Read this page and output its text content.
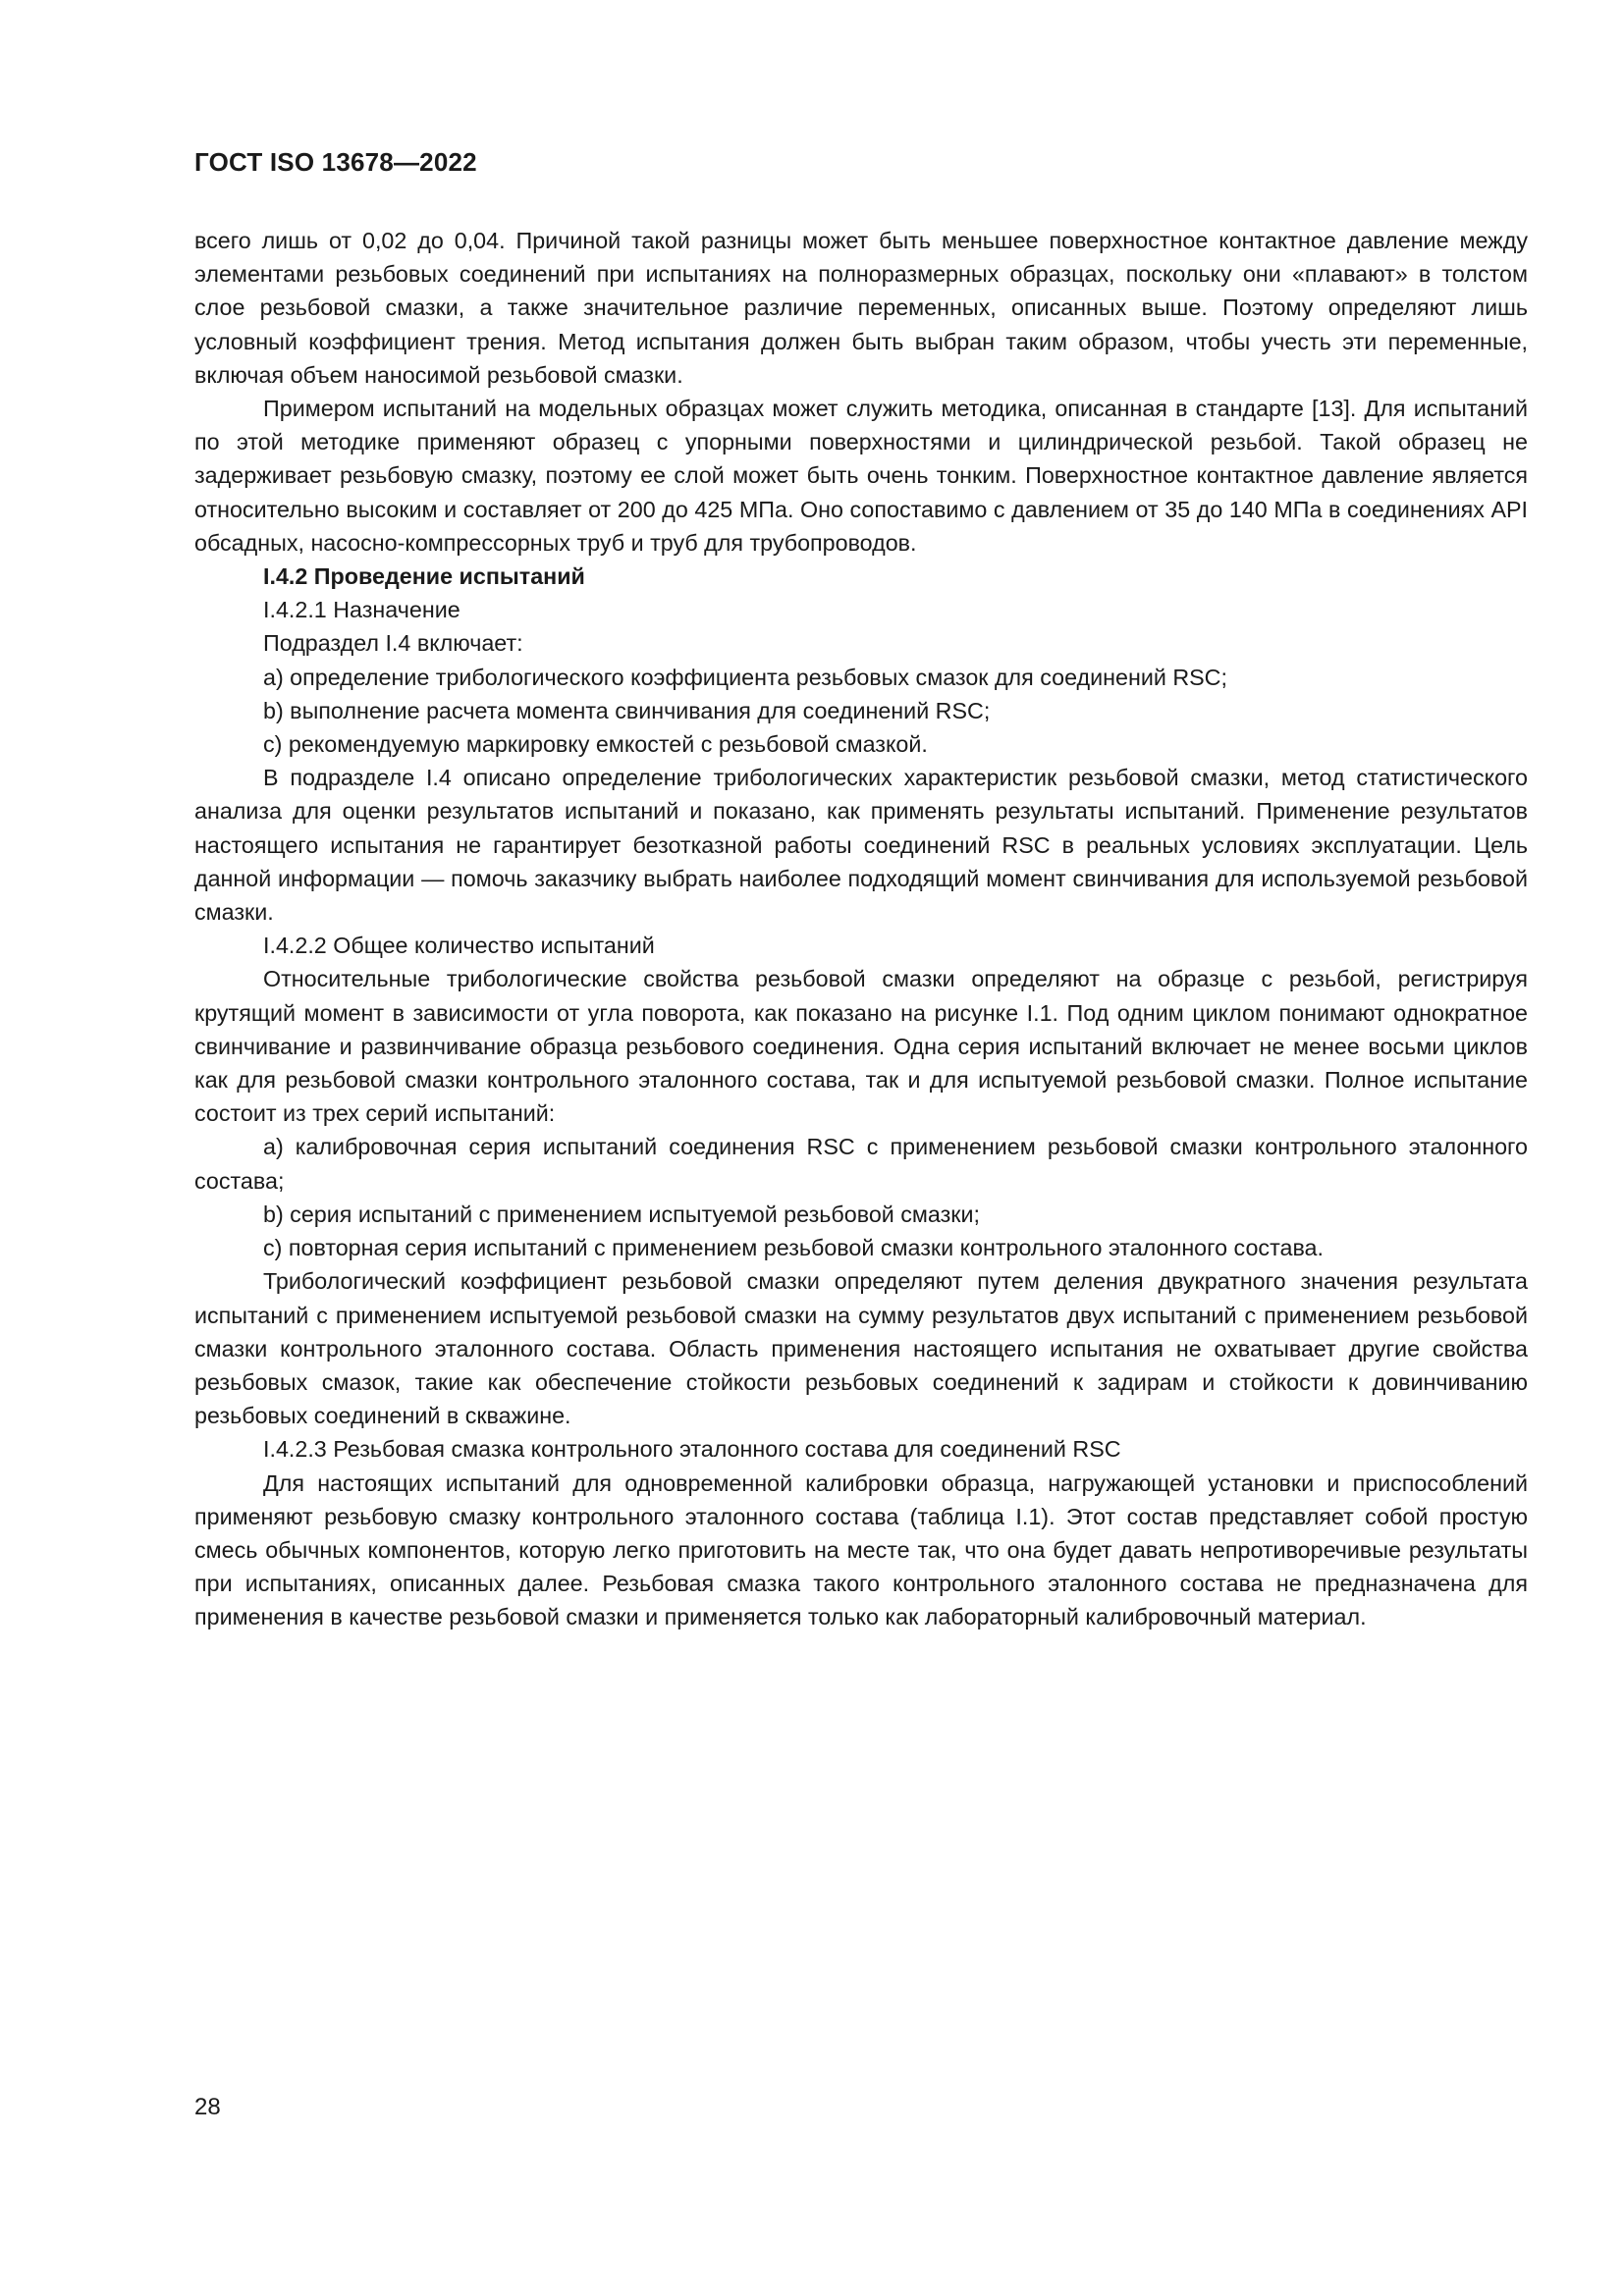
ГОСТ ISO 13678—2022

всего лишь от 0,02 до 0,04. Причиной такой разницы может быть меньшее поверхностное контактное давление между элементами резьбовых соединений при испытаниях на полноразмерных образцах, поскольку они «плавают» в толстом слое резьбовой смазки, а также значительное различие переменных, описанных выше. Поэтому определяют лишь условный коэффициент трения. Метод испытания должен быть выбран таким образом, чтобы учесть эти переменные, включая объем наносимой резьбовой смазки.

Примером испытаний на модельных образцах может служить методика, описанная в стандарте [13]. Для испытаний по этой методике применяют образец с упорными поверхностями и цилиндрической резьбой. Такой образец не задерживает резьбовую смазку, поэтому ее слой может быть очень тонким. Поверхностное контактное давление является относительно высоким и составляет от 200 до 425 МПа. Оно сопоставимо с давлением от 35 до 140 МПа в соединениях API обсадных, насосно-компрессорных труб и труб для трубопроводов.

I.4.2 Проведение испытаний

I.4.2.1 Назначение

Подраздел I.4 включает:

a) определение трибологического коэффициента резьбовых смазок для соединений RSC;

b) выполнение расчета момента свинчивания для соединений RSC;

c) рекомендуемую маркировку емкостей с резьбовой смазкой.

В подразделе I.4 описано определение трибологических характеристик резьбовой смазки, метод статистического анализа для оценки результатов испытаний и показано, как применять результаты испытаний. Применение результатов настоящего испытания не гарантирует безотказной работы соединений RSC в реальных условиях эксплуатации. Цель данной информации — помочь заказчику выбрать наиболее подходящий момент свинчивания для используемой резьбовой смазки.

I.4.2.2 Общее количество испытаний

Относительные трибологические свойства резьбовой смазки определяют на образце с резьбой, регистрируя крутящий момент в зависимости от угла поворота, как показано на рисунке I.1. Под одним циклом понимают однократное свинчивание и развинчивание образца резьбового соединения. Одна серия испытаний включает не менее восьми циклов как для резьбовой смазки контрольного эталонного состава, так и для испытуемой резьбовой смазки. Полное испытание состоит из трех серий испытаний:

a) калибровочная серия испытаний соединения RSC с применением резьбовой смазки контрольного эталонного состава;

b) серия испытаний с применением испытуемой резьбовой смазки;

c) повторная серия испытаний с применением резьбовой смазки контрольного эталонного состава.

Трибологический коэффициент резьбовой смазки определяют путем деления двукратного значения результата испытаний с применением испытуемой резьбовой смазки на сумму результатов двух испытаний с применением резьбовой смазки контрольного эталонного состава. Область применения настоящего испытания не охватывает другие свойства резьбовых смазок, такие как обеспечение стойкости резьбовых соединений к задирам и стойкости к довинчиванию резьбовых соединений в скважине.

I.4.2.3 Резьбовая смазка контрольного эталонного состава для соединений RSC

Для настоящих испытаний для одновременной калибровки образца, нагружающей установки и приспособлений применяют резьбовую смазку контрольного эталонного состава (таблица I.1). Этот состав представляет собой простую смесь обычных компонентов, которую легко приготовить на месте так, что она будет давать непротиворечивые результаты при испытаниях, описанных далее. Резьбовая смазка такого контрольного эталонного состава не предназначена для применения в качестве резьбовой смазки и применяется только как лабораторный калибровочный материал.

28
